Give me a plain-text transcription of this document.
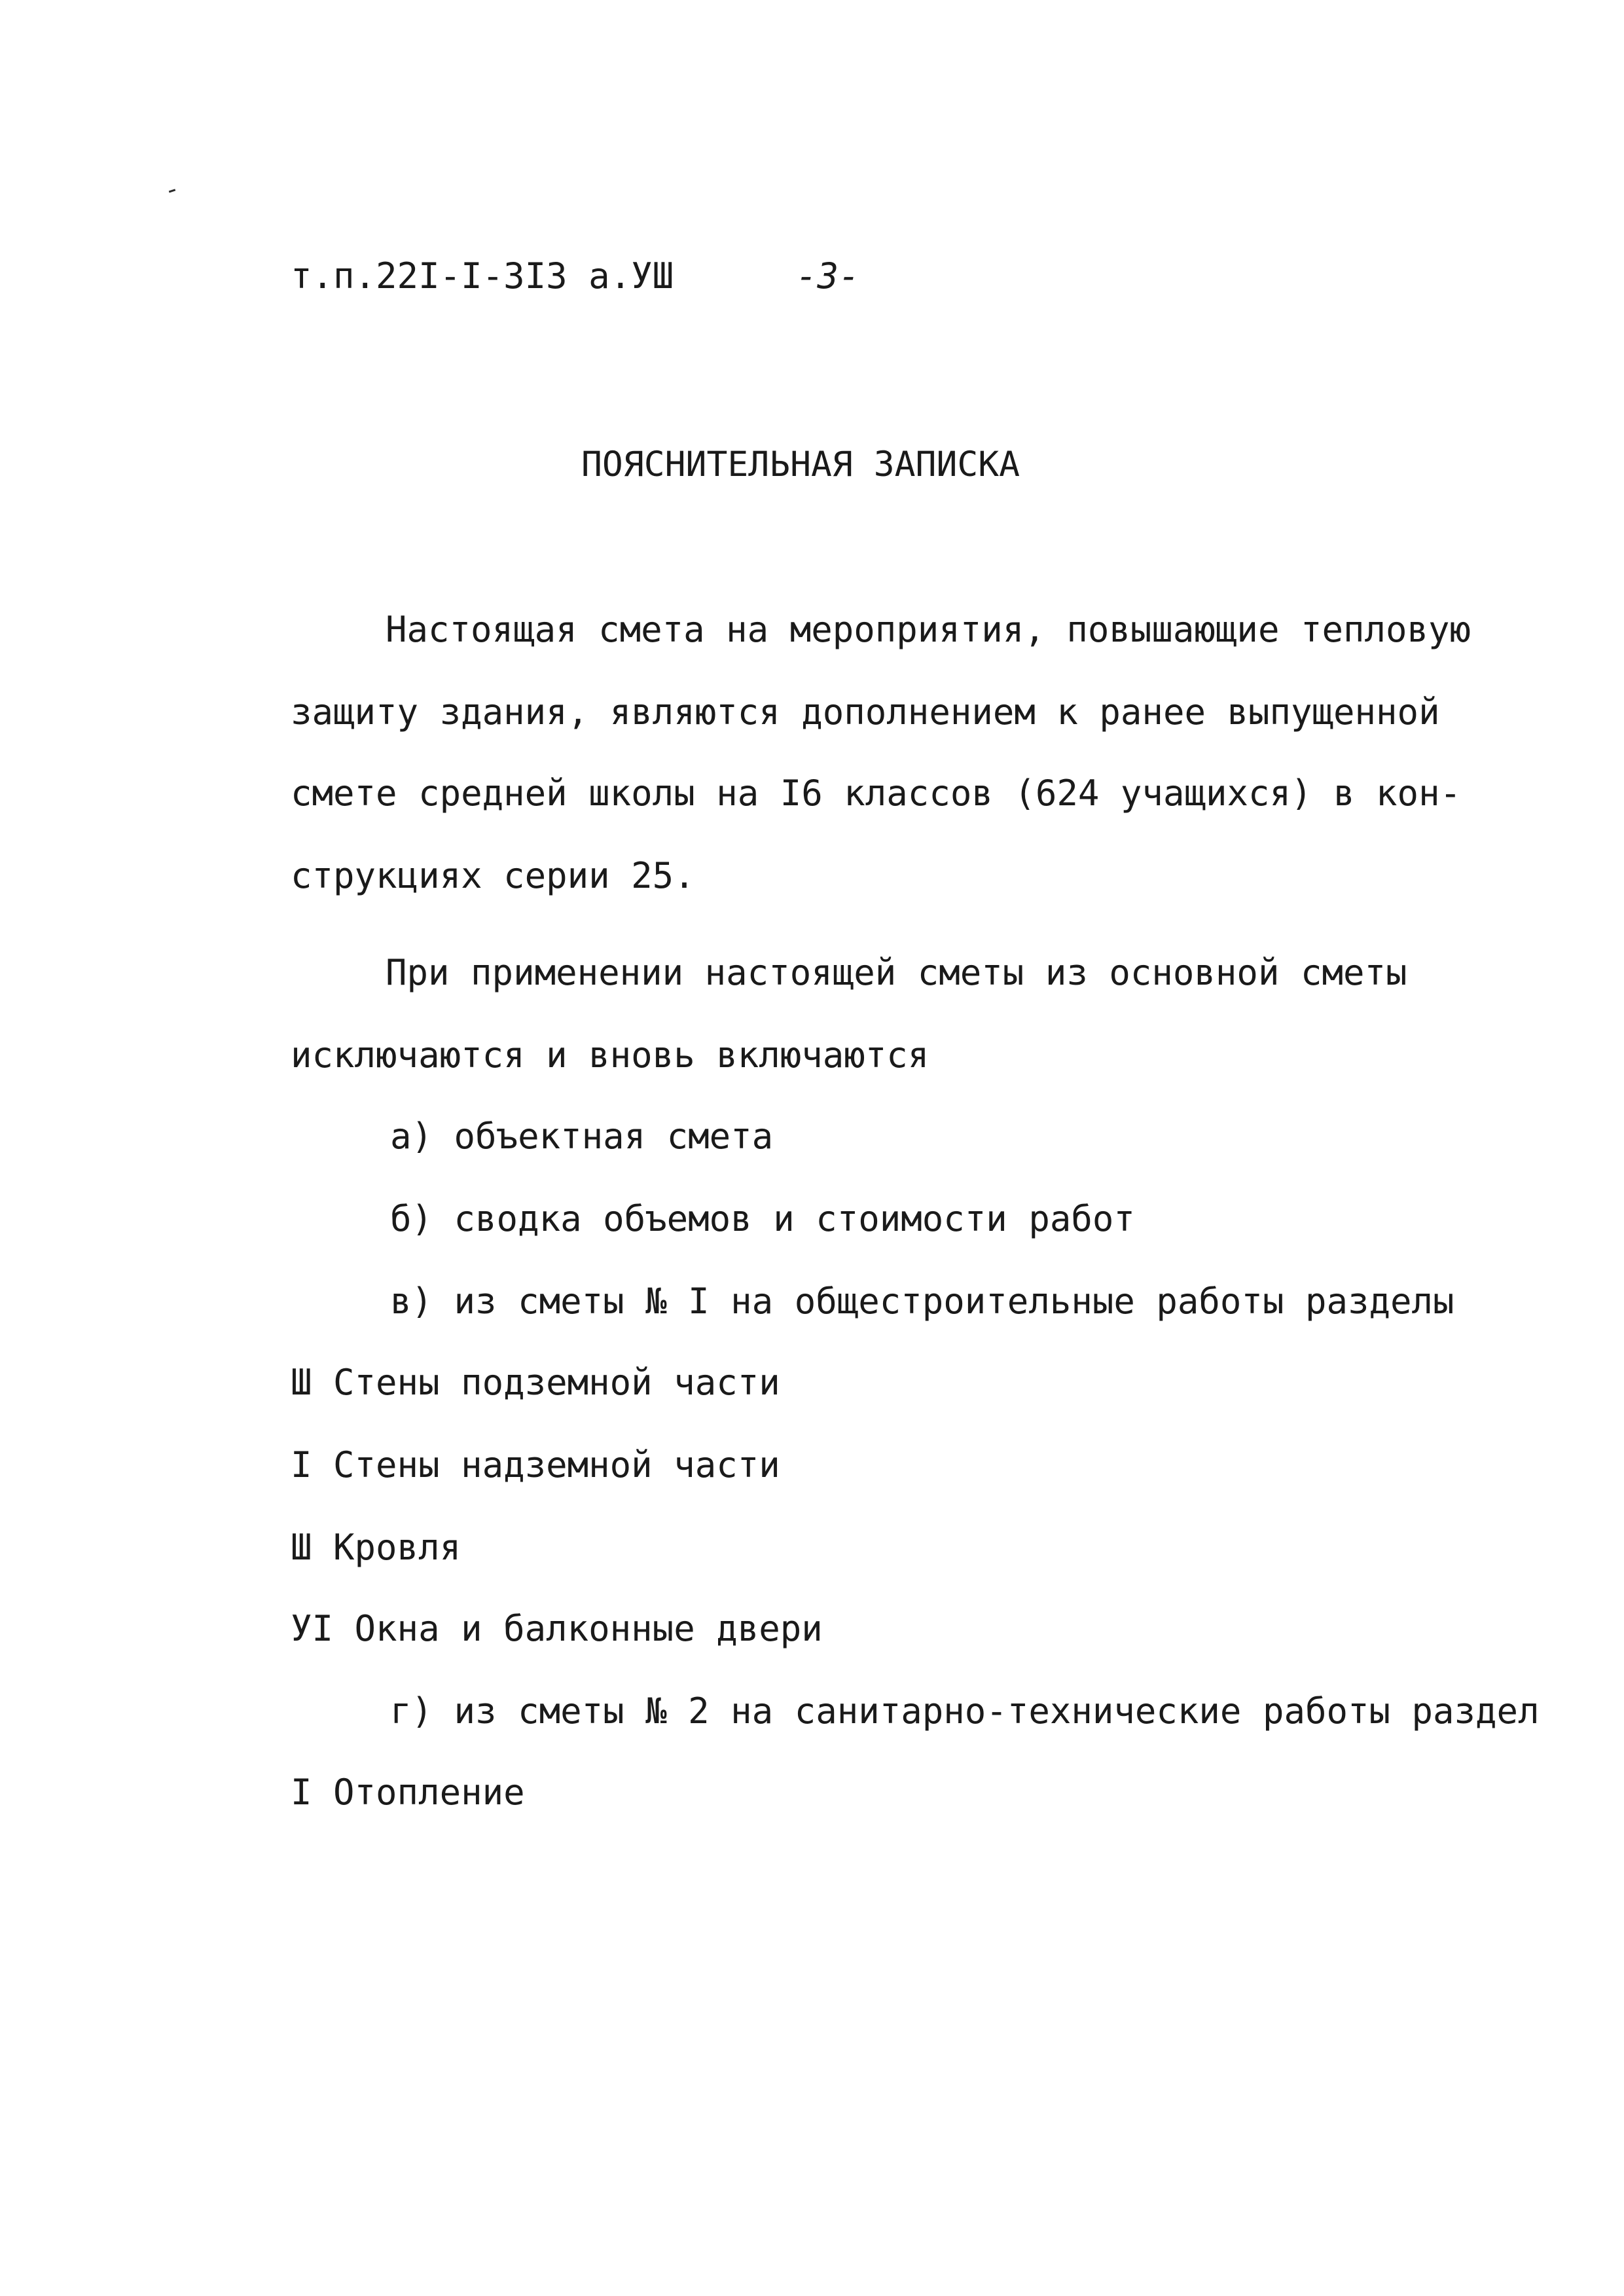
т.п.22I-I-3I3 а.УШ	-3-
ПОЯСНИТЕЛЬНАЯ ЗАПИСКА
Настоящая смета на мероприятия, повышающие тепловую
защиту здания, являются дополнением к ранее выпущенной
смете средней школы на I6 классов (624 учащихся) в кон-
струкциях серии 25.
При применении настоящей сметы из основной сметы
исключаются и вновь включаются
а) объектная смета
б) сводка объемов и стоимости работ
в) из сметы № I на общестроительные работы разделы
Ш Стены подземной части
I Стены надземной части
Ш Кровля
УI Окна и балконные двери
г) из сметы № 2 на санитарно-технические работы раздел
I Отопление
